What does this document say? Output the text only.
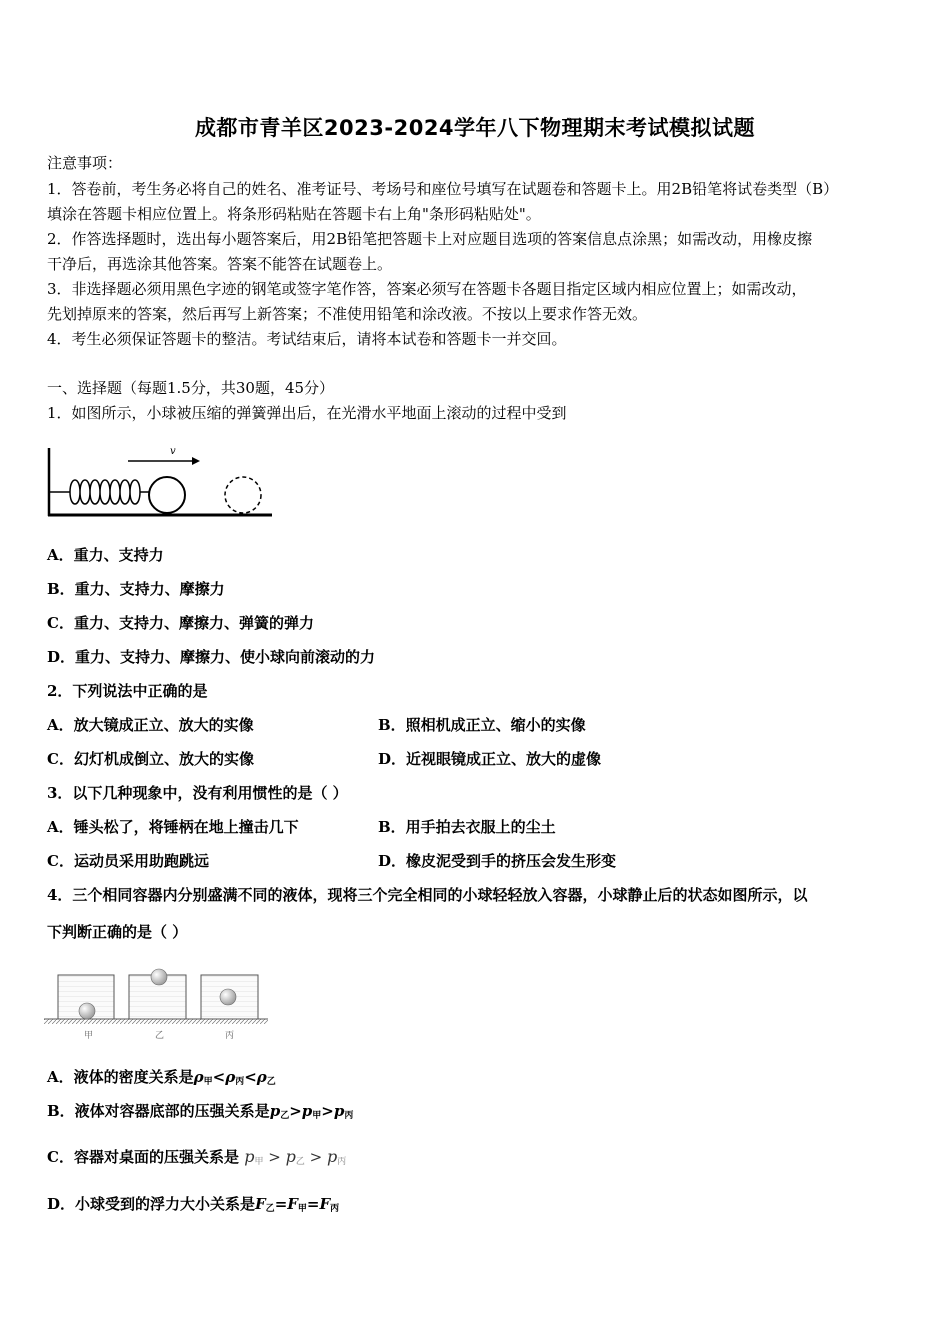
成都市青羊区2023-2024学年八下物理期末考试模拟试题
注意事项：
1．答卷前，考生务必将自己的姓名、准考证号、考场号和座位号填写在试题卷和答题卡上。用2B铅笔将试卷类型（B）
填涂在答题卡相应位置上。将条形码粘贴在答题卡右上角"条形码粘贴处"。
2．作答选择题时，选出每小题答案后，用2B铅笔把答题卡上对应题目选项的答案信息点涂黑；如需改动，用橡皮擦
干净后，再选涂其他答案。答案不能答在试题卷上。
3．非选择题必须用黑色字迹的钢笔或签字笔作答，答案必须写在答题卡各题目指定区域内相应位置上；如需改动，
先划掉原来的答案，然后再写上新答案；不准使用铅笔和涂改液。不按以上要求作答无效。
4．考生必须保证答题卡的整洁。考试结束后，请将本试卷和答题卡一并交回。
一、选择题（每题1.5分，共30题，45分）
1．如图所示，小球被压缩的弹簧弹出后，在光滑水平地面上滚动的过程中受到
v
A．重力、支持力
B．重力、支持力、摩擦力
C．重力、支持力、摩擦力、弹簧的弹力
D．重力、支持力、摩擦力、使小球向前滚动的力
2．下列说法中正确的是
A．放大镜成正立、放大的实像	B．照相机成正立、缩小的实像
C．幻灯机成倒立、放大的实像	D．近视眼镜成正立、放大的虚像
3．以下几种现象中，没有利用惯性的是（ ）
A．锤头松了，将锤柄在地上撞击几下	B．用手拍去衣服上的尘土
C．运动员采用助跑跳远	D．橡皮泥受到手的挤压会发生形变
4．三个相同容器内分别盛满不同的液体，现将三个完全相同的小球轻轻放入容器，小球静止后的状态如图所示，以
下判断正确的是（ ）
甲	乙	丙
A．液体的密度关系是$\rho_甲<\rho_丙<\rho_乙$
B．液体对容器底部的压强关系是$p_乙>p_甲>p_丙$
C．容器对桌面的压强关系是 $p_甲 > p_乙 > p_丙$
D．小球受到的浮力大小关系是$F_乙=F_甲=F_丙$
